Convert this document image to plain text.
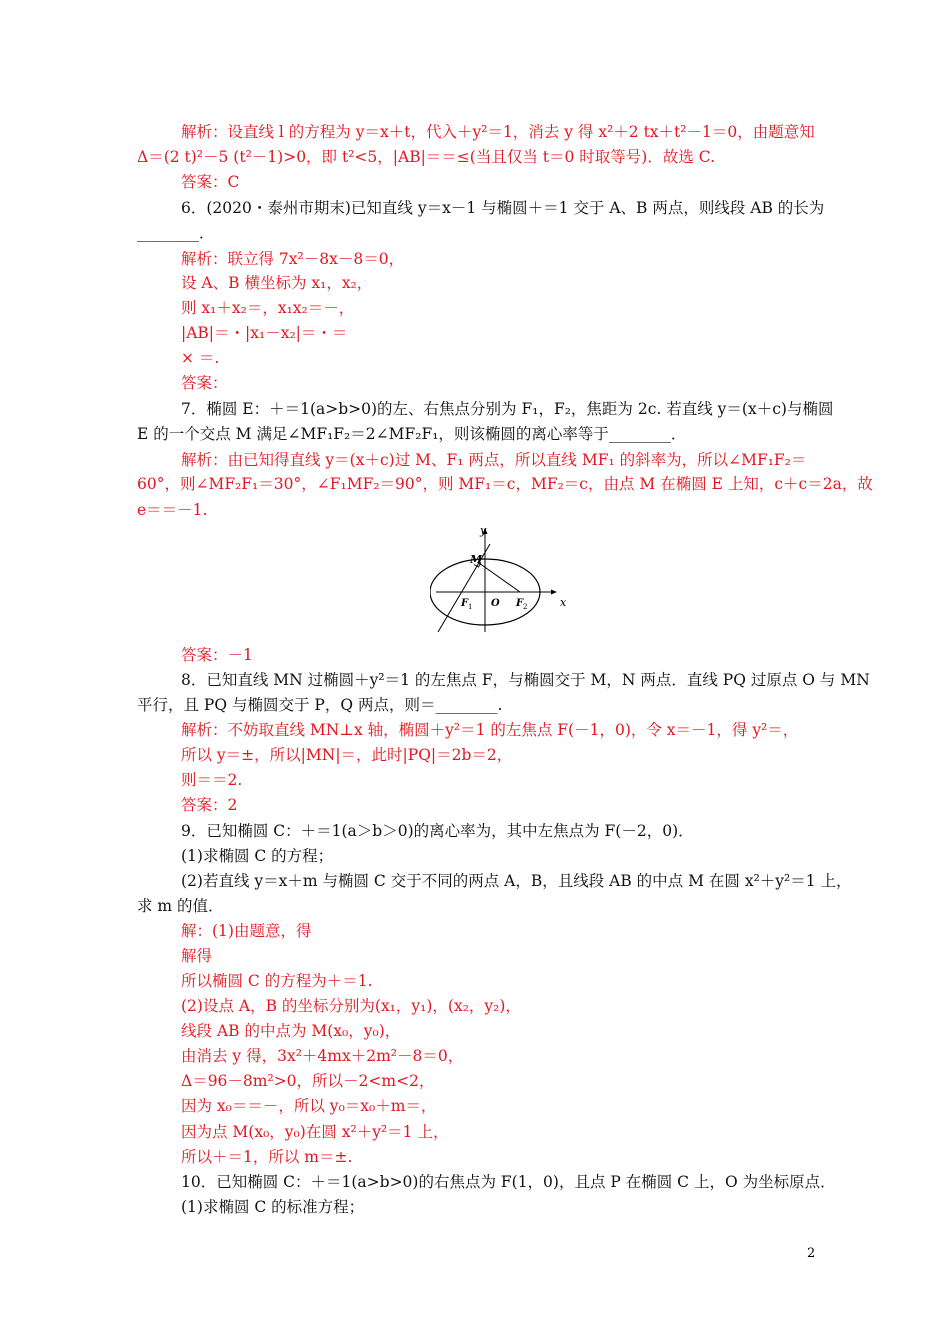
解析：设直线 l 的方程为 y＝x＋t，代入＋y²＝1，消去 y 得 x²＋2 tx＋t²－1＝0，由题意知
Δ＝(2 t)²－5 (t²－1)>0，即 t²<5，|AB|＝＝≤(当且仅当 t＝0 时取等号)．故选 C.
答案：C
6．(2020・泰州市期末)已知直线 y＝x－1 与椭圆＋＝1 交于 A、B 两点，则线段 AB 的长为
________．
解析：联立得 7x²－8x－8＝0，
设 A、B 横坐标为 x₁，x₂，
则 x₁＋x₂＝，x₁x₂＝－，
|AB|＝・|x₁－x₂|＝・＝
× ＝.
答案：
7．椭圆 E：＋＝1(a>b>0)的左、右焦点分别为 F₁，F₂，焦距为 2c. 若直线 y＝(x＋c)与椭圆
E 的一个交点 M 满足∠MF₁F₂＝2∠MF₂F₁，则该椭圆的离心率等于________．
解析：由已知得直线 y＝(x＋c)过 M、F₁ 两点，所以直线 MF₁ 的斜率为，所以∠MF₁F₂＝
60°，则∠MF₂F₁＝30°，∠F₁MF₂＝90°，则 MF₁＝c，MF₂＝c，由点 M 在椭圆 E 上知，c＋c＝2a，故
e＝＝－1.
y
x
M
O
F 1	F 2
答案：－1
8．已知直线 MN 过椭圆＋y²＝1 的左焦点 F，与椭圆交于 M，N 两点．直线 PQ 过原点 O 与 MN
平行，且 PQ 与椭圆交于 P，Q 两点，则＝________.
解析：不妨取直线 MN⊥x 轴，椭圆＋y²＝1 的左焦点 F(－1，0)，令 x＝－1，得 y²＝，
所以 y＝±，所以|MN|＝，此时|PQ|＝2b＝2，
则＝＝2.
答案：2
9．已知椭圆 C：＋＝1(a＞b＞0)的离心率为，其中左焦点为 F(－2，0)．
(1)求椭圆 C 的方程；
(2)若直线 y＝x＋m 与椭圆 C 交于不同的两点 A，B，且线段 AB 的中点 M 在圆 x²＋y²＝1 上，
求 m 的值．
解：(1)由题意，得
解得
所以椭圆 C 的方程为＋＝1.
(2)设点 A，B 的坐标分别为(x₁，y₁)，(x₂，y₂)，
线段 AB 的中点为 M(x₀，y₀)，
由消去 y 得，3x²＋4mx＋2m²－8＝0，
Δ＝96－8m²>0，所以－2<m<2，
因为 x₀＝＝－，所以 y₀＝x₀＋m＝，
因为点 M(x₀，y₀)在圆 x²＋y²＝1 上，
所以＋＝1，所以 m＝±.
10．已知椭圆 C：＋＝1(a>b>0)的右焦点为 F(1，0)，且点 P 在椭圆 C 上，O 为坐标原点．
(1)求椭圆 C 的标准方程；
2
